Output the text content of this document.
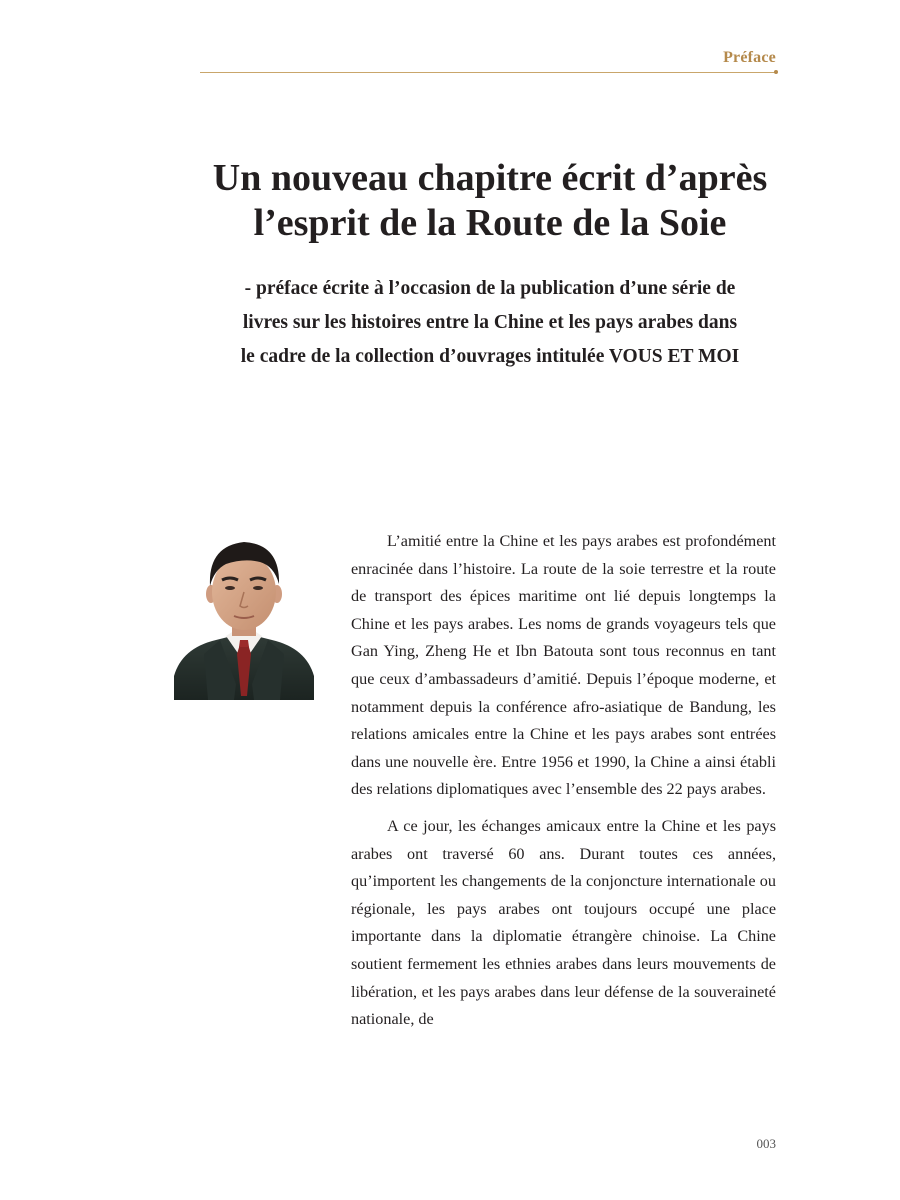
Préface
Un nouveau chapitre écrit d’après
l’esprit de la Route de la Soie
- préface écrite à l’occasion de la publication d’une série de
livres sur les histoires entre la Chine et les pays arabes dans
le cadre de la collection d’ouvrages intitulée VOUS ET MOI

L’amitié entre la Chine et les pays arabes est profondément enracinée dans l’histoire. La route de la soie terrestre et la route de transport des épices maritime ont lié depuis longtemps la Chine et les pays arabes. Les noms de grands voyageurs tels que Gan Ying, Zheng He et Ibn Batouta sont tous reconnus en tant que ceux d’ambassadeurs d’amitié. Depuis l’époque moderne, et notamment depuis la conférence afro-asiatique de Bandung, les relations amicales entre la Chine et les pays arabes sont entrées dans une nouvelle ère. Entre 1956 et 1990, la Chine a ainsi établi des relations diplomatiques avec l’ensemble des 22 pays arabes.

A ce jour, les échanges amicaux entre la Chine et les pays arabes ont traversé 60 ans. Durant toutes ces années, qu’importent les changements de la conjoncture internationale ou régionale, les pays arabes ont toujours occupé une place importante dans la diplomatie étrangère chinoise. La Chine soutient fermement les ethnies arabes dans leurs mouvements de libération, et les pays arabes dans leur défense de la souveraineté nationale, de

003
